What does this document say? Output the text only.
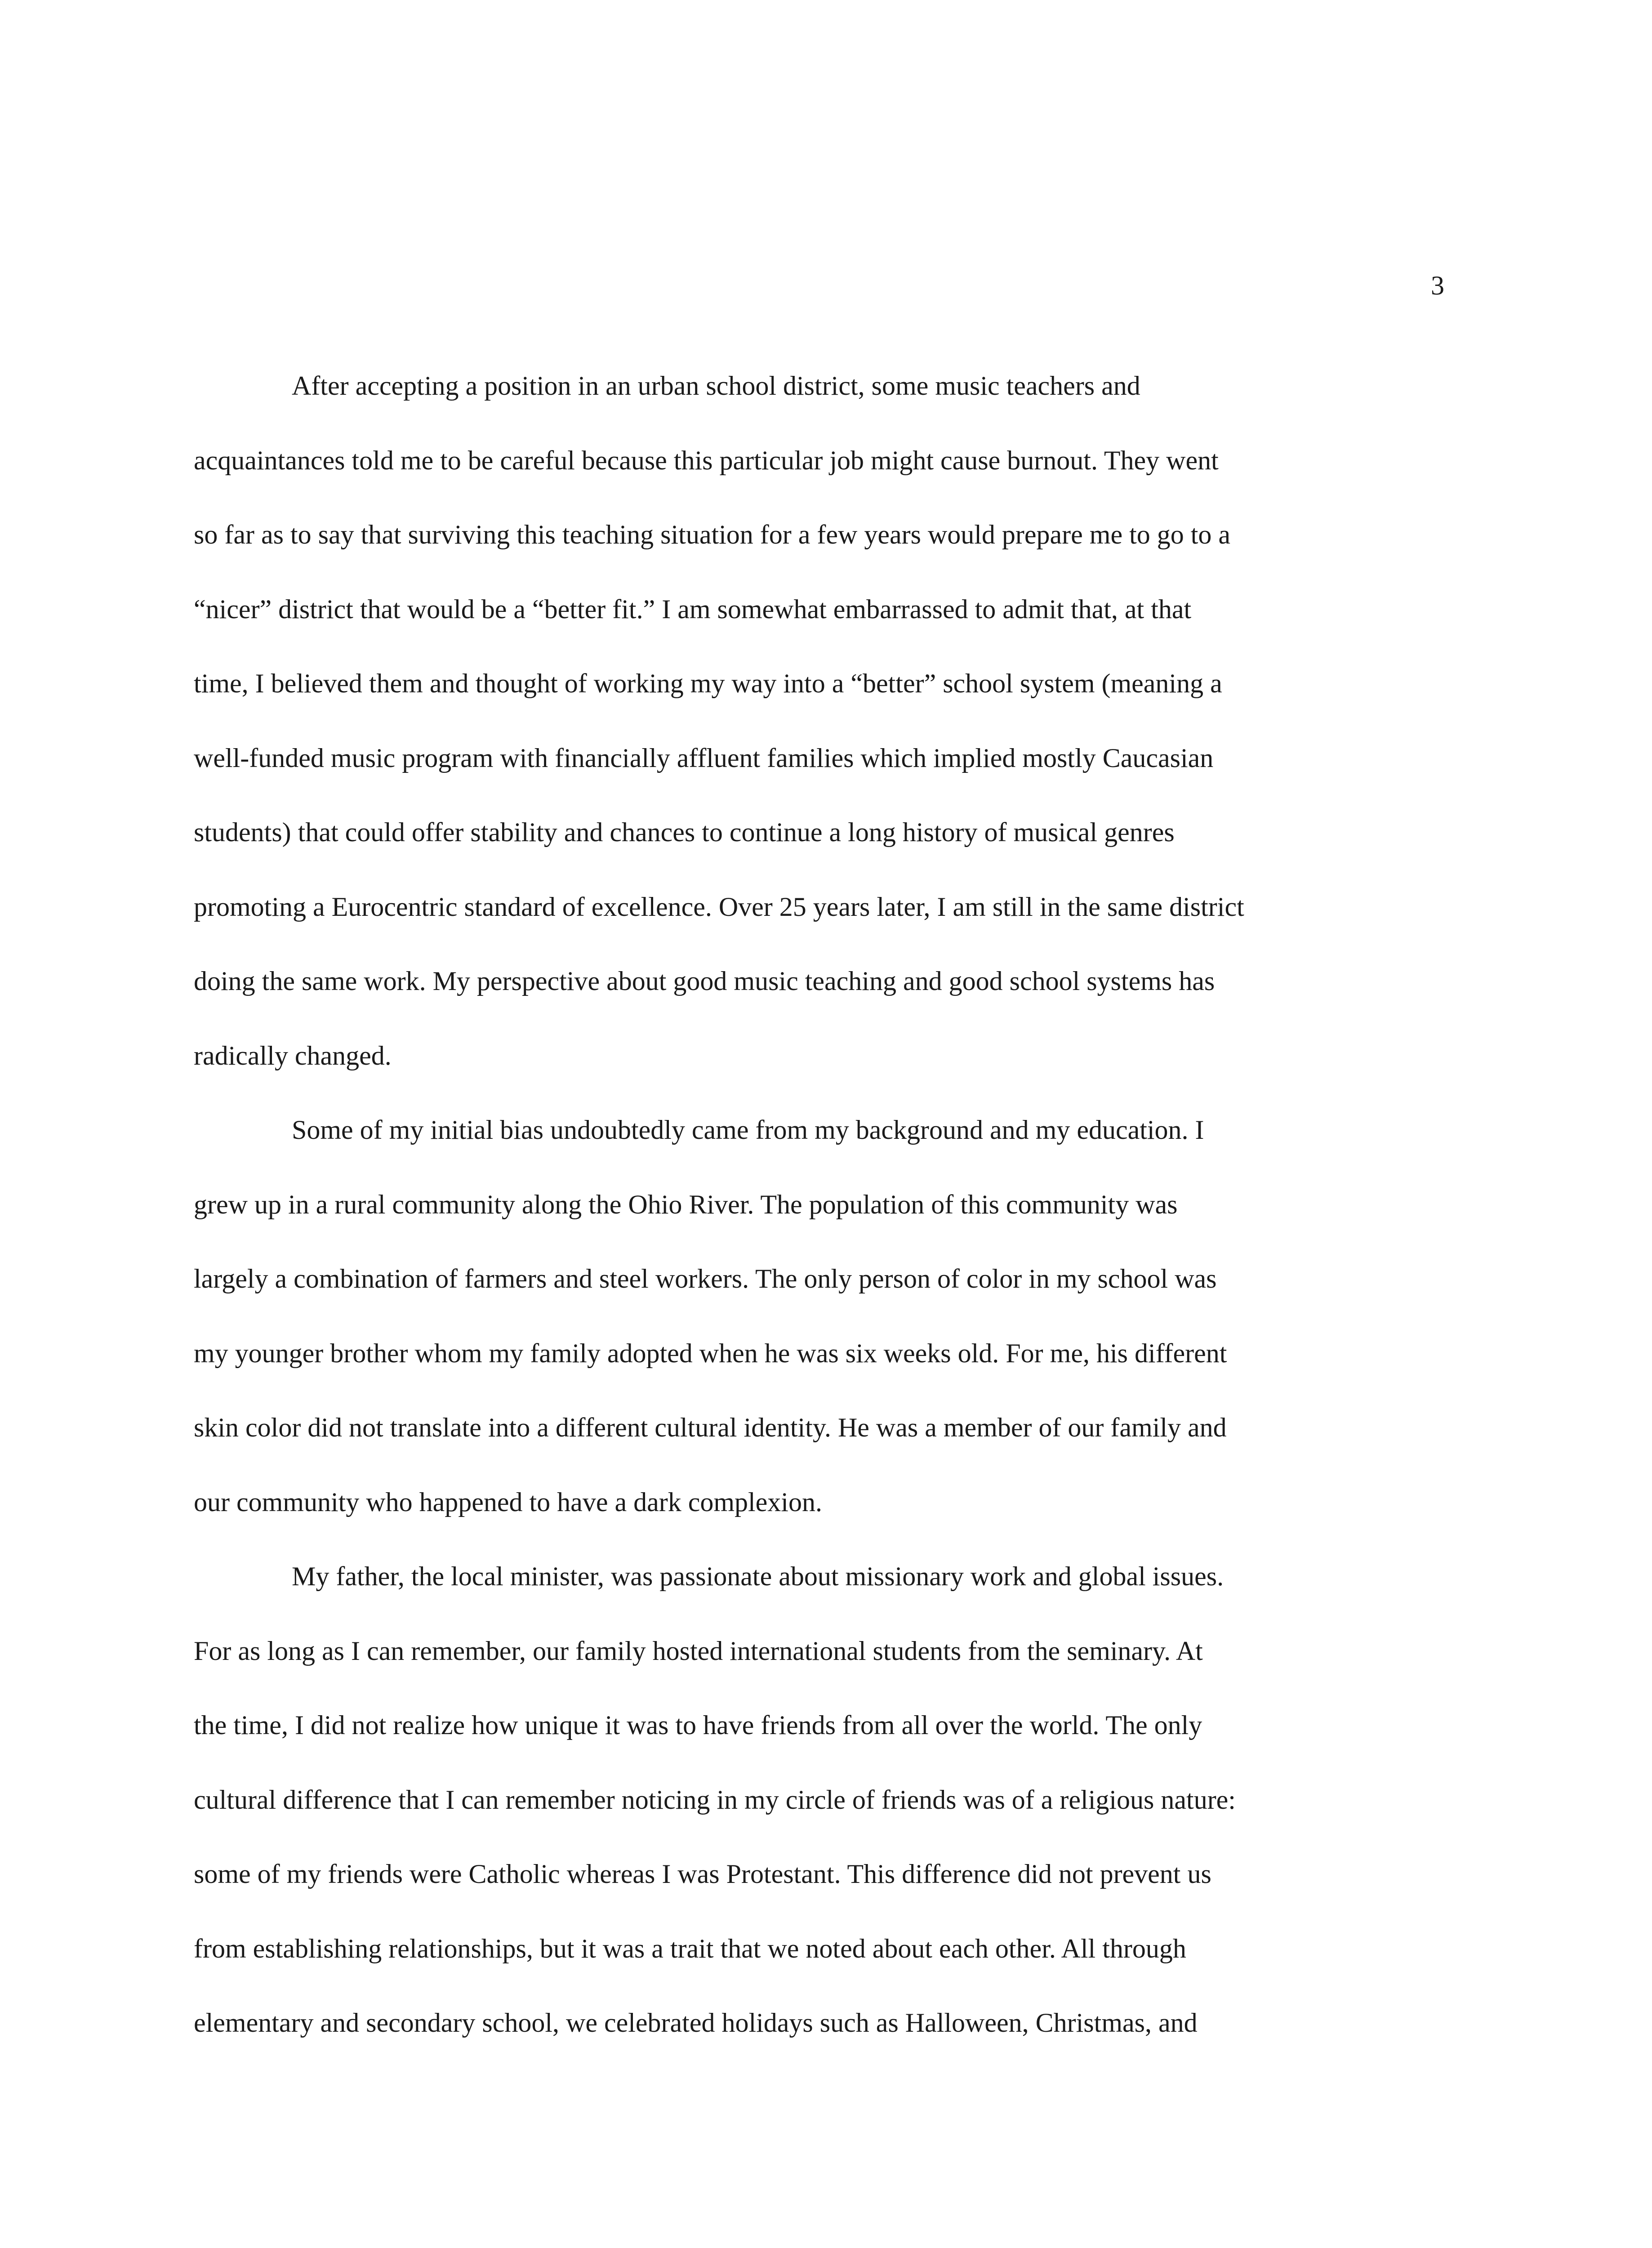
3
After accepting a position in an urban school district, some music teachers and
acquaintances told me to be careful because this particular job might cause burnout. They went
so far as to say that surviving this teaching situation for a few years would prepare me to go to a
“nicer” district that would be a “better fit.” I am somewhat embarrassed to admit that, at that
time, I believed them and thought of working my way into a “better” school system (meaning a
well-funded music program with financially affluent families which implied mostly Caucasian
students) that could offer stability and chances to continue a long history of musical genres
promoting a Eurocentric standard of excellence. Over 25 years later, I am still in the same district
doing the same work. My perspective about good music teaching and good school systems has
radically changed.
Some of my initial bias undoubtedly came from my background and my education. I
grew up in a rural community along the Ohio River. The population of this community was
largely a combination of farmers and steel workers. The only person of color in my school was
my younger brother whom my family adopted when he was six weeks old. For me, his different
skin color did not translate into a different cultural identity. He was a member of our family and
our community who happened to have a dark complexion.
My father, the local minister, was passionate about missionary work and global issues.
For as long as I can remember, our family hosted international students from the seminary. At
the time, I did not realize how unique it was to have friends from all over the world. The only
cultural difference that I can remember noticing in my circle of friends was of a religious nature:
some of my friends were Catholic whereas I was Protestant. This difference did not prevent us
from establishing relationships, but it was a trait that we noted about each other. All through
elementary and secondary school, we celebrated holidays such as Halloween, Christmas, and
